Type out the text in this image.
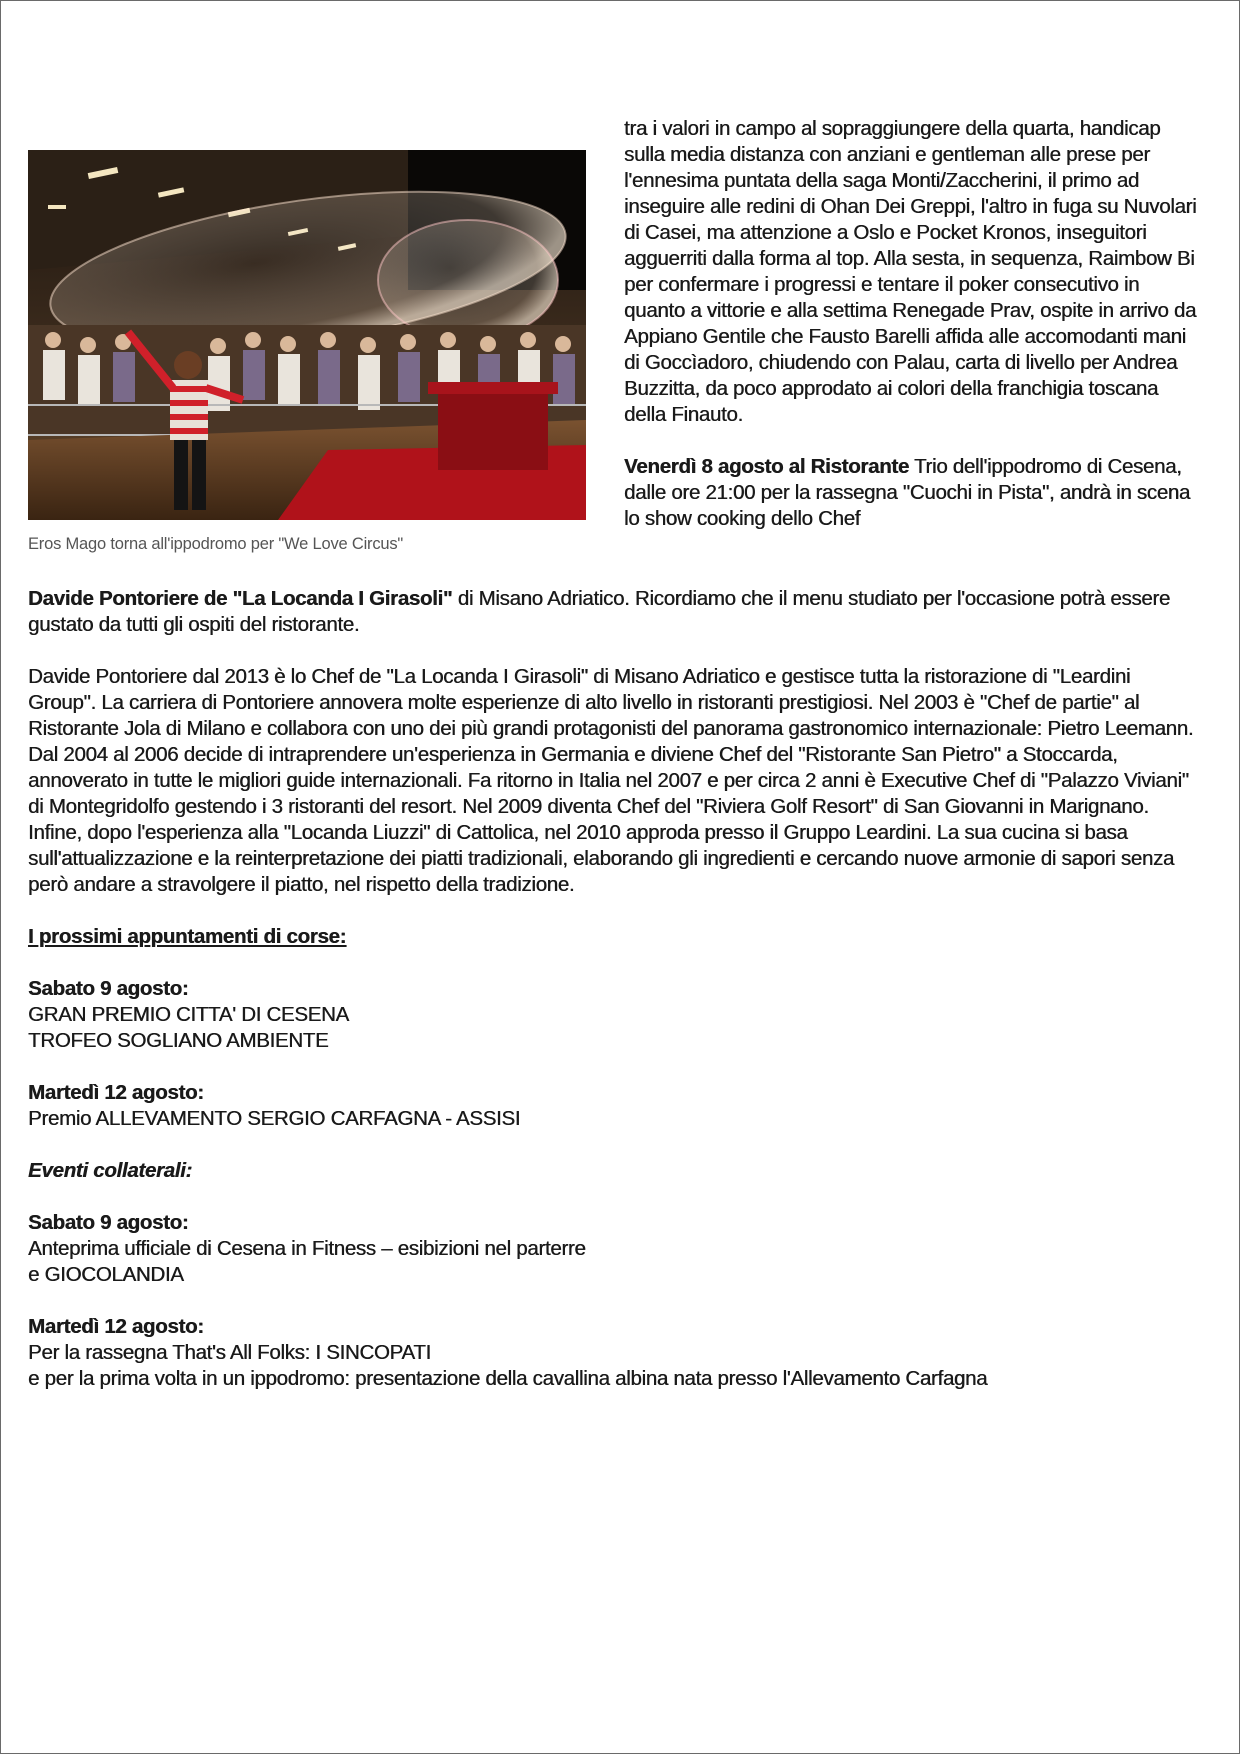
Eros Mago torna all'ippodromo per "We Love Circus"

tra i valori in campo al sopraggiungere della quarta, handicap sulla media distanza con anziani e gentleman alle prese per l'ennesima puntata della saga Monti/Zaccherini, il primo ad inseguire alle redini di Ohan Dei Greppi, l'altro in fuga su Nuvolari di Casei, ma attenzione a Oslo e Pocket Kronos, inseguitori agguerriti dalla forma al top. Alla sesta, in sequenza, Raimbow Bi per confermare i progressi e tentare il poker consecutivo in quanto a vittorie e alla settima Renegade Prav, ospite in arrivo da Appiano Gentile che Fausto Barelli affida alle accomodanti mani di Goccìadoro, chiudendo con Palau, carta di livello per Andrea Buzzitta, da poco approdato ai colori della franchigia toscana della Finauto.

Venerdì 8 agosto al Ristorante Trio dell'ippodromo di Cesena, dalle ore 21:00 per la rassegna "Cuochi in Pista", andrà in scena lo show cooking dello Chef

Davide Pontoriere de "La Locanda I Girasoli" di Misano Adriatico. Ricordiamo che il menu studiato per l'occasione potrà essere gustato da tutti gli ospiti del ristorante.

Davide Pontoriere dal 2013 è lo Chef de "La Locanda I Girasoli" di Misano Adriatico e gestisce tutta la ristorazione di "Leardini Group". La carriera di Pontoriere annovera molte esperienze di alto livello in ristoranti prestigiosi. Nel 2003 è "Chef de partie" al Ristorante Jola di Milano e collabora con uno dei più grandi protagonisti del panorama gastronomico internazionale: Pietro Leemann. Dal 2004 al 2006 decide di intraprendere un'esperienza in Germania e diviene Chef del "Ristorante San Pietro" a Stoccarda, annoverato in tutte le migliori guide internazionali. Fa ritorno in Italia nel 2007 e per circa 2 anni è Executive Chef di "Palazzo Viviani" di Montegridolfo gestendo i 3 ristoranti del resort. Nel 2009 diventa Chef del "Riviera Golf Resort" di San Giovanni in Marignano. Infine, dopo l'esperienza alla "Locanda Liuzzi" di Cattolica, nel 2010 approda presso il Gruppo Leardini. La sua cucina si basa sull'attualizzazione e la reinterpretazione dei piatti tradizionali, elaborando gli ingredienti e cercando nuove armonie di sapori senza però andare a stravolgere il piatto, nel rispetto della tradizione.

I prossimi appuntamenti di corse:

Sabato 9 agosto:

GRAN PREMIO CITTA' DI CESENA

TROFEO SOGLIANO AMBIENTE

Martedì 12 agosto:

Premio ALLEVAMENTO SERGIO CARFAGNA - ASSISI

Eventi collaterali:

Sabato 9 agosto:

Anteprima ufficiale di Cesena in Fitness – esibizioni nel parterre

e GIOCOLANDIA

Martedì 12 agosto:

Per la rassegna That's All Folks: I SINCOPATI

e per la prima volta in un ippodromo: presentazione della cavallina albina nata presso l'Allevamento Carfagna
